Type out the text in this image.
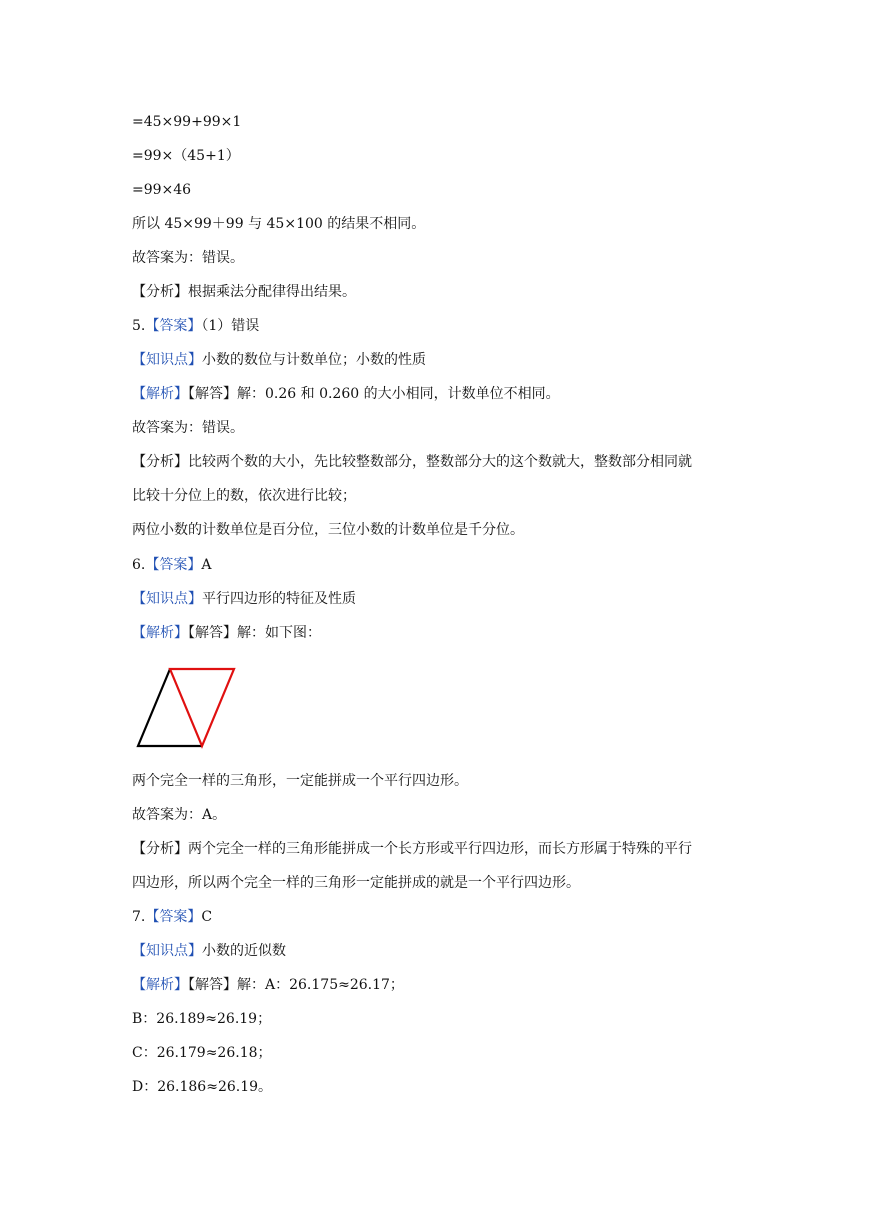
=45×99+99×1
=99×（45+1）
=99×46
所以 45×99＋99 与 45×100 的结果不相同。
故答案为：错误。
【分析】根据乘法分配律得出结果。
5.【答案】（1）错误
【知识点】小数的数位与计数单位；小数的性质
【解析】【解答】解：0.26 和 0.260 的大小相同，计数单位不相同。
故答案为：错误。
【分析】比较两个数的大小，先比较整数部分，整数部分大的这个数就大，整数部分相同就
比较十分位上的数，依次进行比较；
两位小数的计数单位是百分位，三位小数的计数单位是千分位。
6.【答案】A
【知识点】平行四边形的特征及性质
【解析】【解答】解：如下图：
两个完全一样的三角形，一定能拼成一个平行四边形。
故答案为：A。
【分析】两个完全一样的三角形能拼成一个长方形或平行四边形，而长方形属于特殊的平行
四边形，所以两个完全一样的三角形一定能拼成的就是一个平行四边形。
7.【答案】C
【知识点】小数的近似数
【解析】【解答】解：A：26.175≈26.17；
B：26.189≈26.19；
C：26.179≈26.18；
D：26.186≈26.19。
